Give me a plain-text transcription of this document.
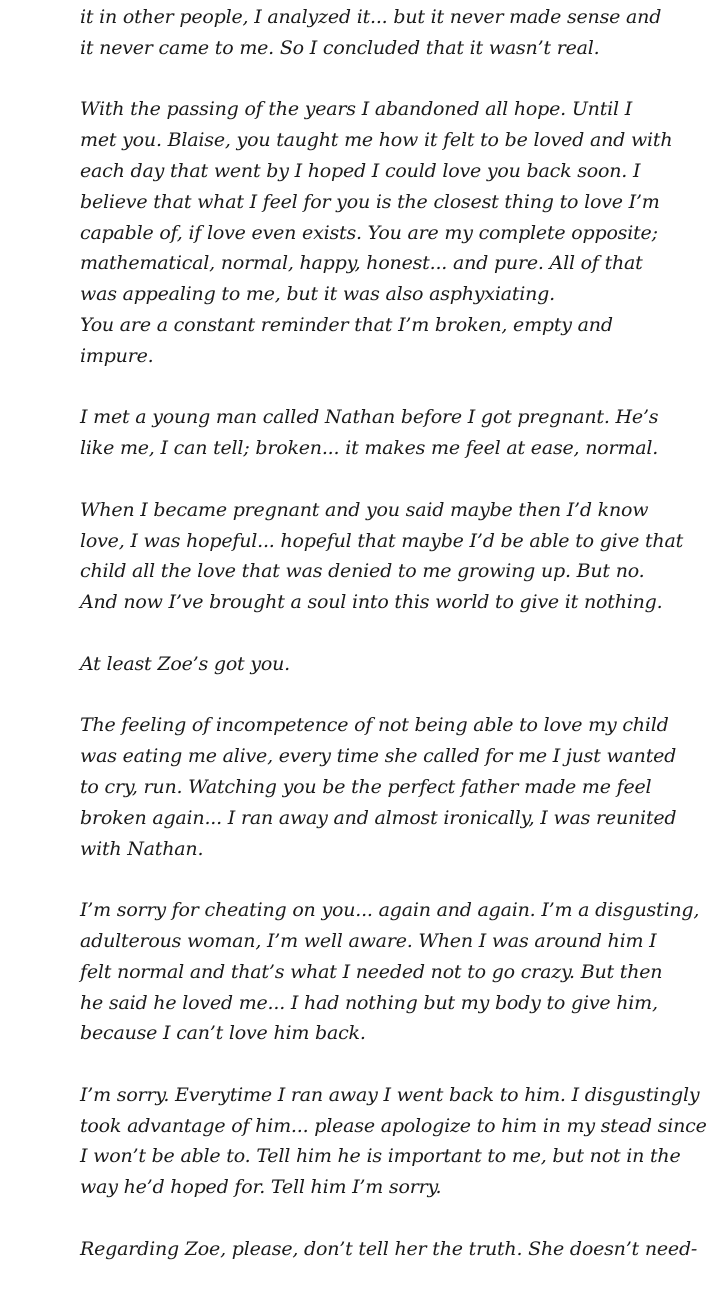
it in other people, I analyzed it... but it never made sense and
it never came to me. So I concluded that it wasn’t real.
With the passing of the years I abandoned all hope. Until I
met you. Blaise, you taught me how it felt to be loved and with
each day that went by I hoped I could love you back soon. I
believe that what I feel for you is the closest thing to love I’m
capable of, if love even exists. You are my complete opposite;
mathematical, normal, happy, honest... and pure. All of that
was appealing to me, but it was also asphyxiating.
You are a constant reminder that I’m broken, empty and
impure.
I met a young man called Nathan before I got pregnant. He’s
like me, I can tell; broken... it makes me feel at ease, normal.
When I became pregnant and you said maybe then I’d know
love, I was hopeful... hopeful that maybe I’d be able to give that
child all the love that was denied to me growing up. But no.
And now I’ve brought a soul into this world to give it nothing.
At least Zoe’s got you.
The feeling of incompetence of not being able to love my child
was eating me alive, every time she called for me I just wanted
to cry, run. Watching you be the perfect father made me feel
broken again... I ran away and almost ironically, I was reunited
with Nathan.
I’m sorry for cheating on you... again and again. I’m a disgusting,
adulterous woman, I’m well aware. When I was around him I
felt normal and that’s what I needed not to go crazy. But then
he said he loved me... I had nothing but my body to give him,
because I can’t love him back.
I’m sorry. Everytime I ran away I went back to him. I disgustingly
took advantage of him... please apologize to him in my stead since
I won’t be able to. Tell him he is important to me, but not in the
way he’d hoped for. Tell him I’m sorry.
Regarding Zoe, please, don’t tell her the truth. She doesn’t need-
